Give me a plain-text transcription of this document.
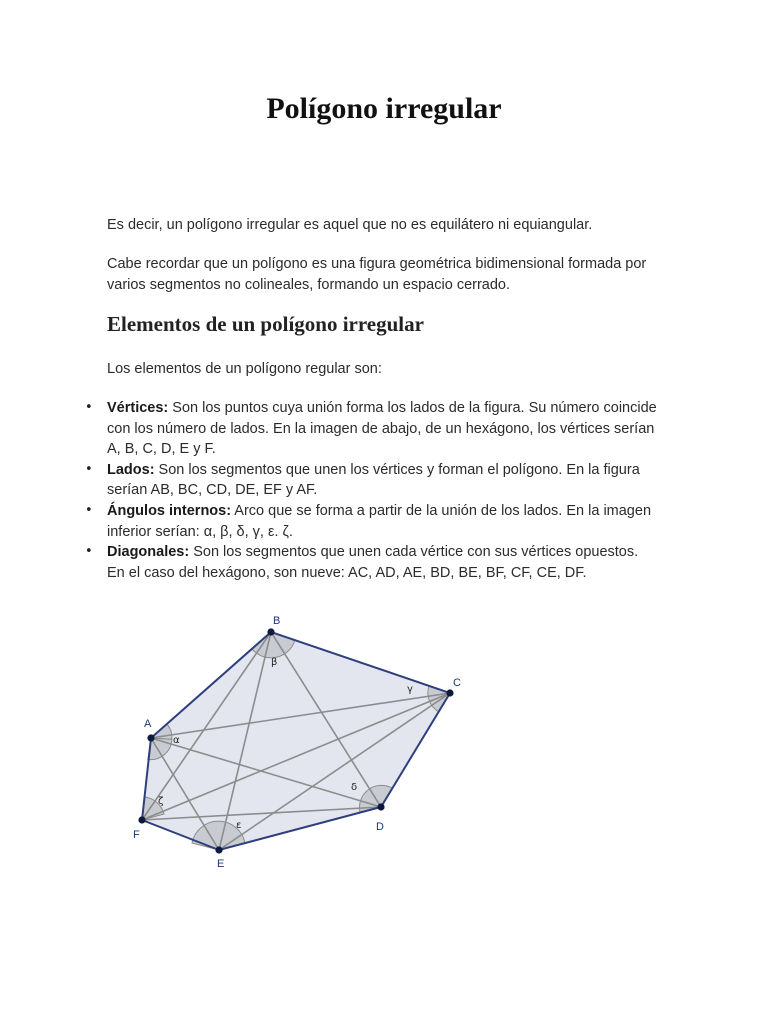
Polígono irregular

Es decir, un polígono irregular es aquel que no es equilátero ni equiangular.

Cabe recordar que un polígono es una figura geométrica bidimensional formada por varios segmentos no colineales, formando un espacio cerrado.

Elementos de un polígono irregular

Los elementos de un polígono regular son:

• Vértices: Son los puntos cuya unión forma los lados de la figura. Su número coincide con los número de lados. En la imagen de abajo, de un hexágono, los vértices serían A, B, C, D, E y F.
• Lados: Son los segmentos que unen los vértices y forman el polígono. En la figura serían AB, BC, CD, DE, EF y AF.
• Ángulos internos: Arco que se forma a partir de la unión de los lados. En la imagen inferior serían: α, β, δ, γ, ε. ζ.
• Diagonales: Son los segmentos que unen cada vértice con sus vértices opuestos. En el caso del hexágono, son nueve: AC, AD, AE, BD, BE, BF, CF, CE, DF.
A
B
C
D
E
F
α
β
γ
δ
ε
ζ
